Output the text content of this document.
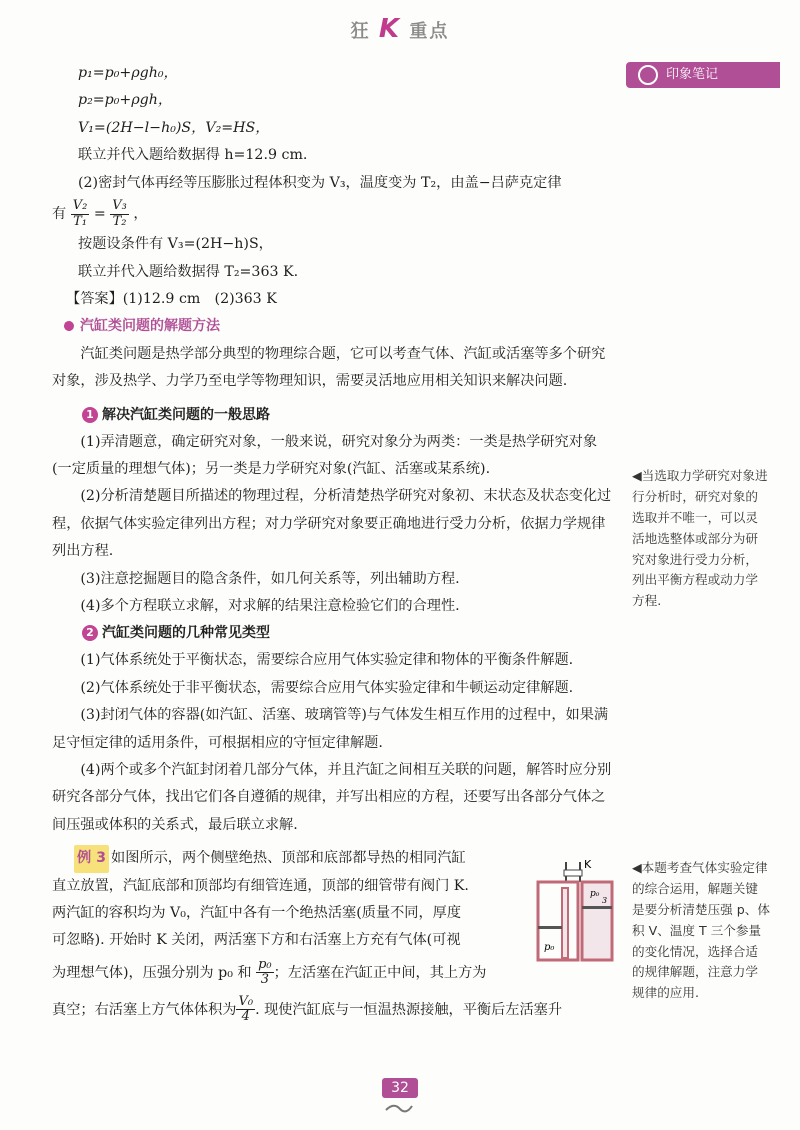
狂 K 重点
印象笔记

p₁=p₀+ρgh₀，

p₂=p₀+ρgh，

V₁=(2H−l−h₀)S，V₂=HS，

联立并代入题给数据得 h=12.9 cm.

(2)密封气体再经等压膨胀过程体积变为 V₃，温度变为 T₂，由盖−吕萨克定律

有 $\frac{\text{V₂}}{\text{T₁}} = \frac{\text{V₃}}{\text{T₂}}$ ，

按题设条件有 V₃=(2H−h)S，

联立并代入题给数据得 T₂=363 K.

【答案】(1)12.9 cm　(2)363 K

汽缸类问题的解题方法

汽缸类问题是热学部分典型的物理综合题，它可以考查气体、汽缸或活塞等多个研究对象，涉及热学、力学乃至电学等物理知识，需要灵活地应用相关知识来解决问题.

1 解决汽缸类问题的一般思路

(1)弄清题意，确定研究对象，一般来说，研究对象分为两类：一类是热学研究对象(一定质量的理想气体)；另一类是力学研究对象(汽缸、活塞或某系统).

(2)分析清楚题目所描述的物理过程，分析清楚热学研究对象初、末状态及状态变化过程，依据气体实验定律列出方程；对力学研究对象要正确地进行受力分析，依据力学规律列出方程.

(3)注意挖掘题目的隐含条件，如几何关系等，列出辅助方程.

(4)多个方程联立求解，对求解的结果注意检验它们的合理性.

2 汽缸类问题的几种常见类型

(1)气体系统处于平衡状态，需要综合应用气体实验定律和物体的平衡条件解题.

(2)气体系统处于非平衡状态，需要综合应用气体实验定律和牛顿运动定律解题.

(3)封闭气体的容器(如汽缸、活塞、玻璃管等)与气体发生相互作用的过程中，如果满足守恒定律的适用条件，可根据相应的守恒定律解题.

(4)两个或多个汽缸封闭着几部分气体，并且汽缸之间相互关联的问题，解答时应分别研究各部分气体，找出它们各自遵循的规律，并写出相应的方程，还要写出各部分气体之间压强或体积的关系式，最后联立求解.

例 3 如图所示，两个侧壁绝热、顶部和底部都导热的相同汽缸

直立放置，汽缸底部和顶部均有细管连通，顶部的细管带有阀门 K.

两汽缸的容积均为 V₀，汽缸中各有一个绝热活塞(质量不同，厚度

可忽略). 开始时 K 关闭，两活塞下方和右活塞上方充有气体(可视

为理想气体)，压强分别为 p₀ 和 $\frac{\text{p₀}}{3}$ ；左活塞在汽缸正中间，其上方为

真空；右活塞上方气体体积为 $\frac{\text{V₀}}{4}$ . 现使汽缸底与一恒温热源接触，平衡后左活塞升

K
p₀
3
p₀
◀当选取力学研究对象进行分析时，研究对象的选取并不唯一，可以灵活地选整体或部分为研究对象进行受力分析，列出平衡方程或动力学方程.
◀本题考查气体实验定律的综合运用，解题关键是要分析清楚压强 p、体积 V、温度 T 三个参量的变化情况，选择合适的规律解题，注意力学规律的应用.
32
